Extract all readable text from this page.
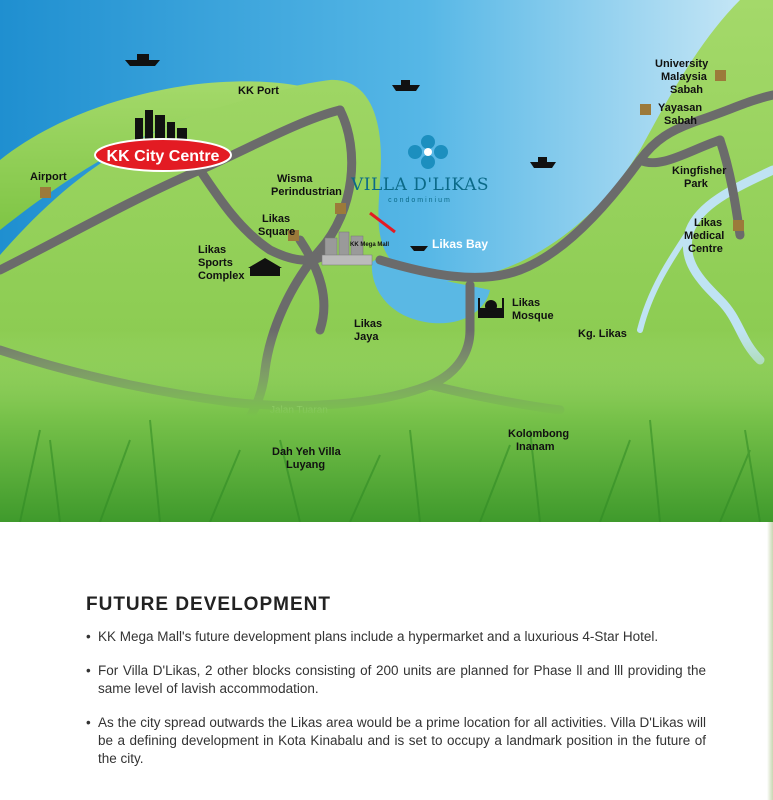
KK City Centre
VILLA D'LIKAS
condominium
KK Mega Mall
KK Port
Airport	Wisma
Perindustrian
Likas
Square
Likas Bay
Likas
Sports
Complex
Likas
Jaya
Likas
Mosque
Kg. Likas
University
Malaysia
Sabah
Yayasan
Sabah
Kingfisher
Park
Likas
Medical
Centre
Dah Yeh Villa
Luyang
Kolombong
Inanam
FUTURE DEVELOPMENT
• KK Mega Mall's future development plans include a hypermarket and a luxurious 4-Star Hotel.
• For Villa D'Likas, 2 other blocks consisting of 200 units are planned for Phase ll and lll providing the same level of lavish accommodation.
• As the city spread outwards the Likas area would be a prime location for all activities. Villa D'Likas will be a defining development in Kota Kinabalu and is set to occupy a landmark position in the future of the city.
